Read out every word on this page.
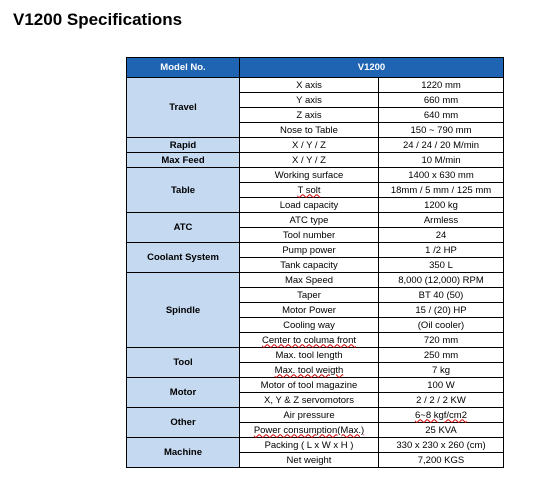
V1200 Specifications
Model No.	V1200	
Travel	X axis	1220 mm
	Y axis	660 mm
	Z axis	640 mm
	Nose to Table	150 ~ 790 mm
Rapid	X / Y / Z	24 / 24 / 20 M/min
Max Feed	X / Y / Z	10 M/min
Table	Working surface	1400 x 630 mm
	T solt	18mm / 5 mm / 125 mm
	Load capacity	1200 kg
ATC	ATC type	Armless
	Tool number	24
Coolant System	Pump power	1 /2 HP
	Tank capacity	350 L
Spindle	Max Speed	8,000 (12,000) RPM
	Taper	BT 40 (50)
	Motor Power	15 / (20) HP
	Cooling way	(Oil cooler)
	Center to columa front	720 mm
Tool	Max. tool length	250 mm
	Max. tool weigth	7 kg
Motor	Motor of tool magazine	100 W
	X, Y & Z servomotors	2 / 2 / 2 KW
Other	Air pressure	6~8 kgf/cm2
	Power consumption(Max.)	25 KVA
Machine	Packing ( L x W x H )	330 x 230 x 260 (cm)
	Net weight	7,200 KGS
